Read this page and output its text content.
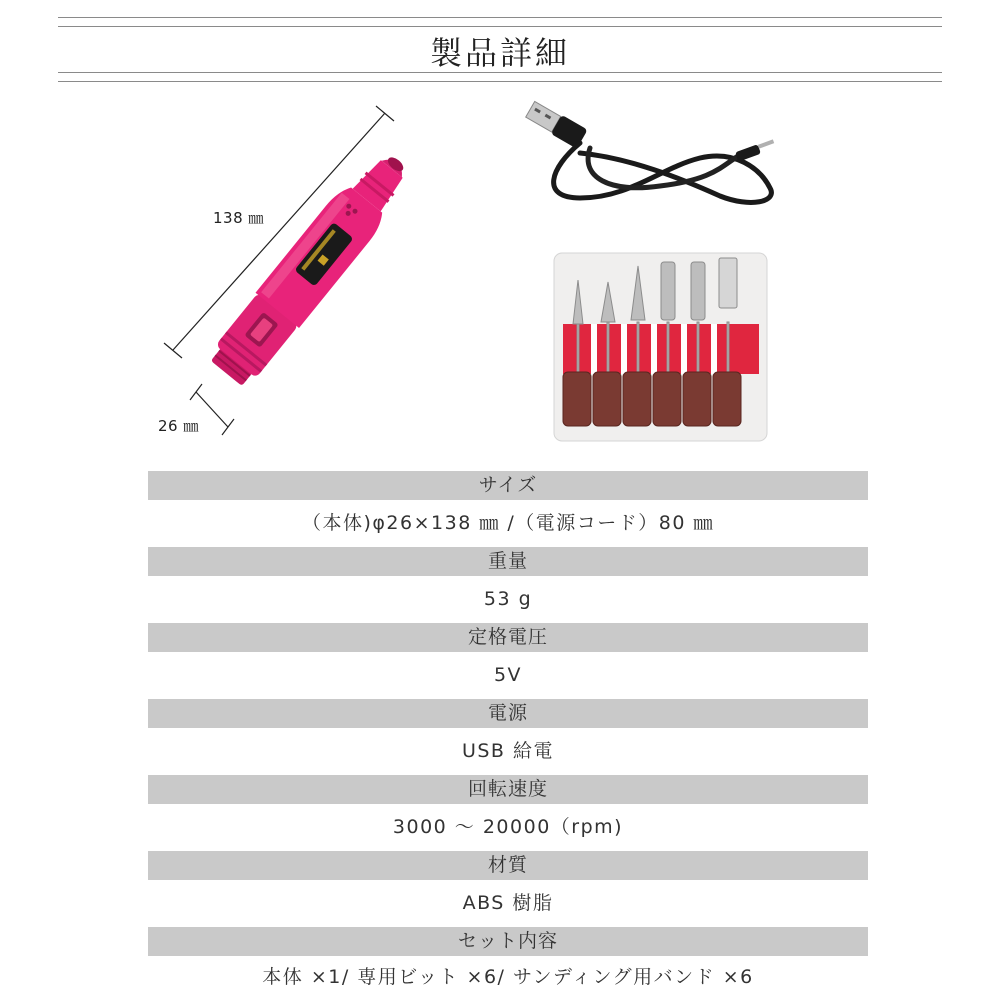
製品詳細
138 ㎜
26 ㎜
サイズ
（本体)φ26×138 ㎜ /（電源コード）80 ㎜
重量
53 g
定格電圧
5V
電源
USB 給電
回転速度
3000 ～ 20000（rpm)
材質
ABS 樹脂
セット内容
本体 ×1/ 専用ビット ×6/ サンディング用バンド ×6
